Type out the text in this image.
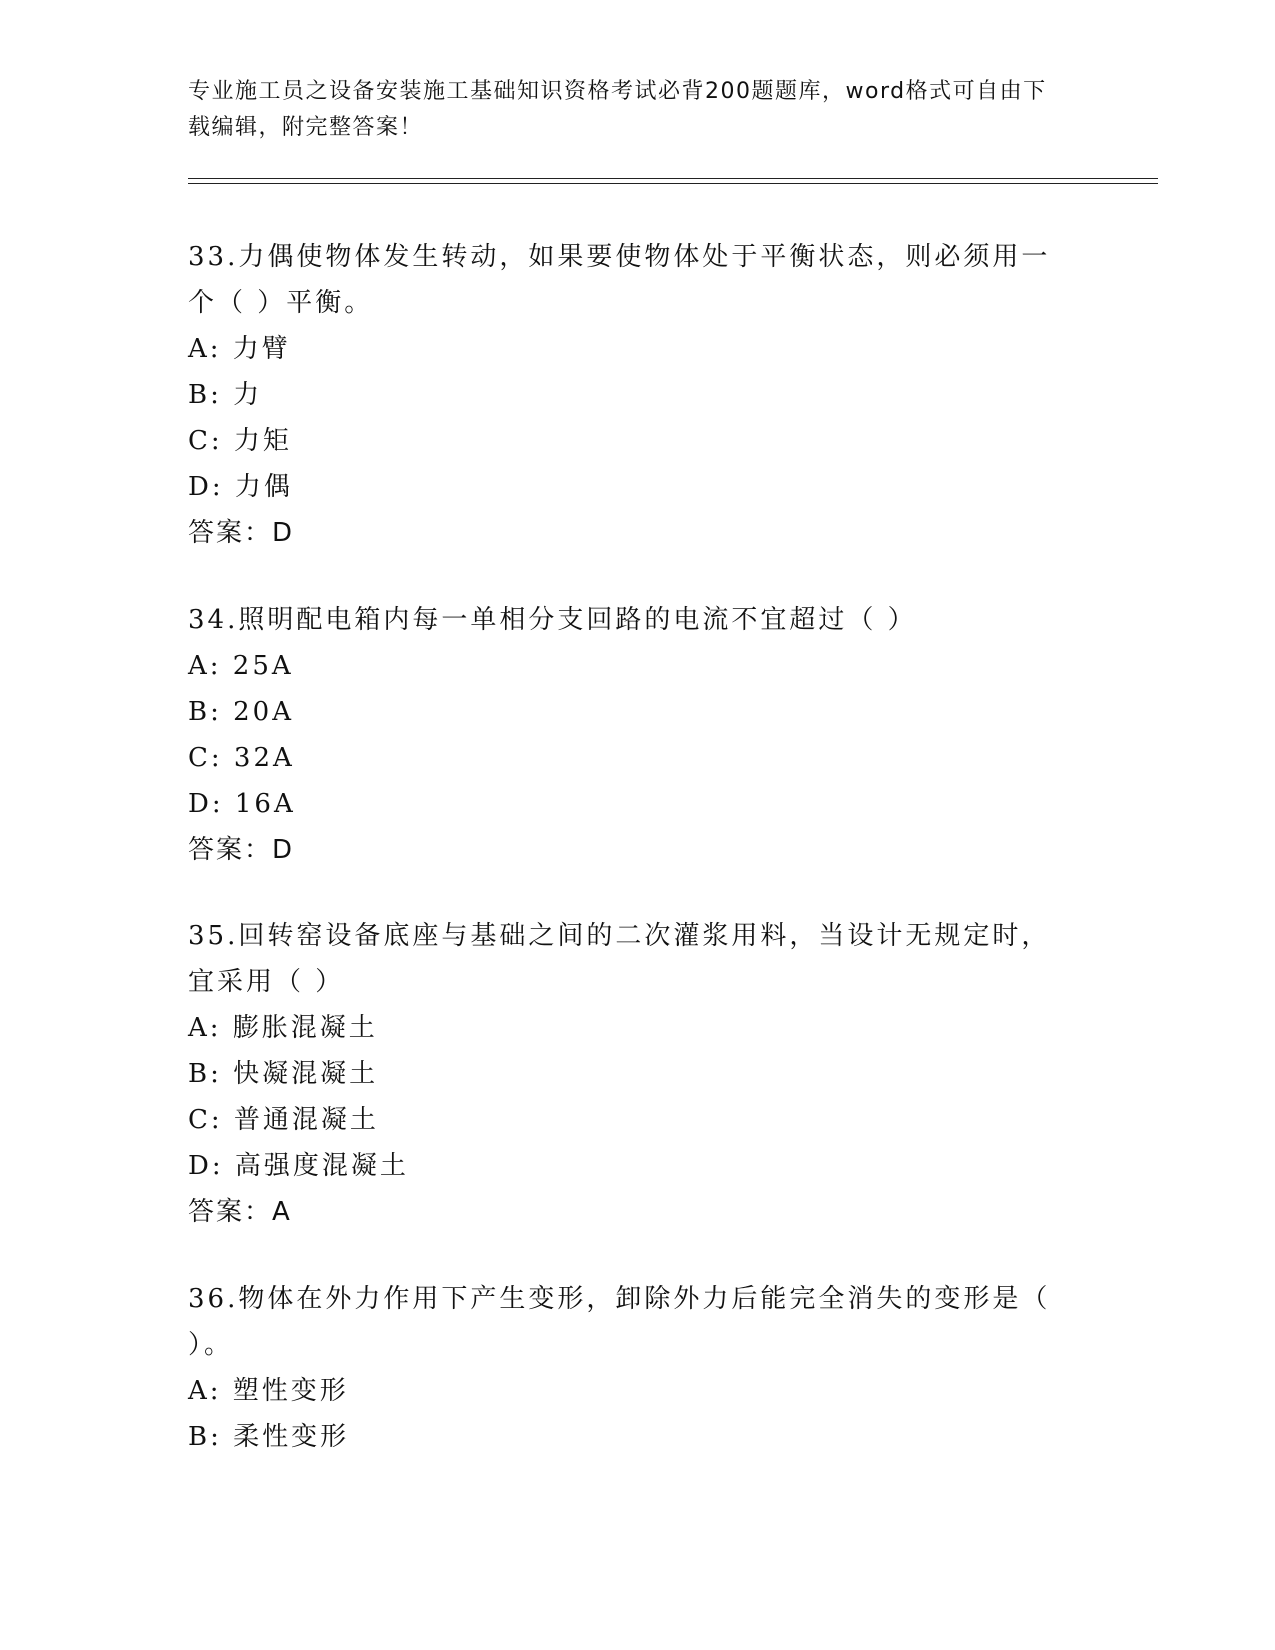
专业施工员之设备安装施工基础知识资格考试必背200题题库，word格式可自由下载编辑，附完整答案！
33.力偶使物体发生转动，如果要使物体处于平衡状态，则必须用一个（ ）平衡。
A: 力臂
B: 力
C: 力矩
D: 力偶
答案：D
34.照明配电箱内每一单相分支回路的电流不宜超过（ ）
A: 25A
B: 20A
C: 32A
D: 16A
答案：D
35.回转窑设备底座与基础之间的二次灌浆用料，当设计无规定时，宜采用（ ）
A: 膨胀混凝土
B: 快凝混凝土
C: 普通混凝土
D: 高强度混凝土
答案：A
36.物体在外力作用下产生变形，卸除外力后能完全消失的变形是（ ）。
A: 塑性变形
B: 柔性变形
